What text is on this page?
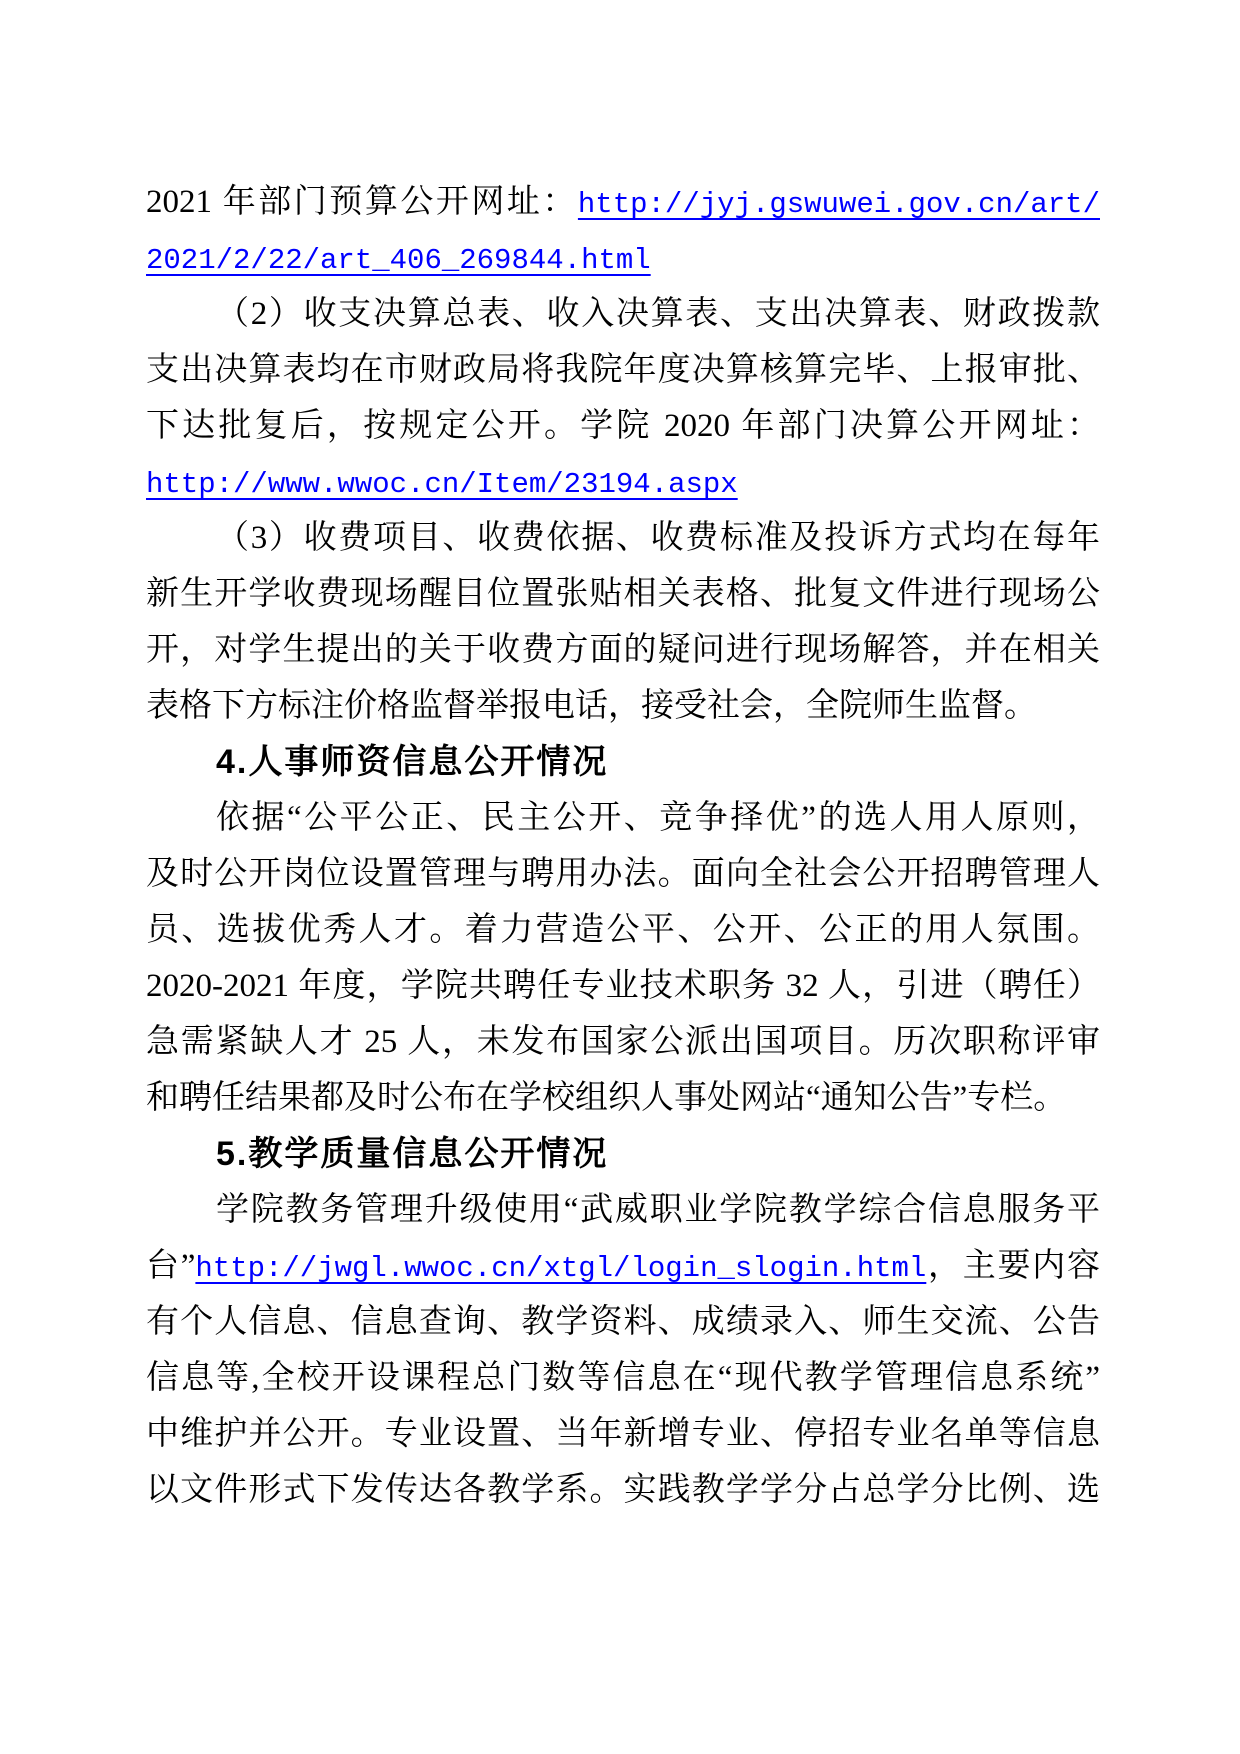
2021 年部门预算公开网址：http://jyj.gswuwei.gov.cn/art/
2021/2/22/art_406_269844.html
（2）收支决算总表、收入决算表、支出决算表、财政拨款
支出决算表均在市财政局将我院年度决算核算完毕、上报审批、
下达批复后，按规定公开。学院 2020 年部门决算公开网址：
http://www.wwoc.cn/Item/23194.aspx
（3）收费项目、收费依据、收费标准及投诉方式均在每年
新生开学收费现场醒目位置张贴相关表格、批复文件进行现场公
开，对学生提出的关于收费方面的疑问进行现场解答，并在相关
表格下方标注价格监督举报电话，接受社会，全院师生监督。
4.人事师资信息公开情况
依据“公平公正、民主公开、竞争择优”的选人用人原则，
及时公开岗位设置管理与聘用办法。面向全社会公开招聘管理人
员、选拔优秀人才。着力营造公平、公开、公正的用人氛围。
2020-2021 年度，学院共聘任专业技术职务 32 人，引进（聘任）
急需紧缺人才 25 人，未发布国家公派出国项目。历次职称评审
和聘任结果都及时公布在学校组织人事处网站“通知公告”专栏。
5.教学质量信息公开情况
学院教务管理升级使用“武威职业学院教学综合信息服务平
台”http://jwgl.wwoc.cn/xtgl/login_slogin.html，主要内容
有个人信息、信息查询、教学资料、成绩录入、师生交流、公告
信息等,全校开设课程总门数等信息在“现代教学管理信息系统”
中维护并公开。专业设置、当年新增专业、停招专业名单等信息
以文件形式下发传达各教学系。实践教学学分占总学分比例、选
